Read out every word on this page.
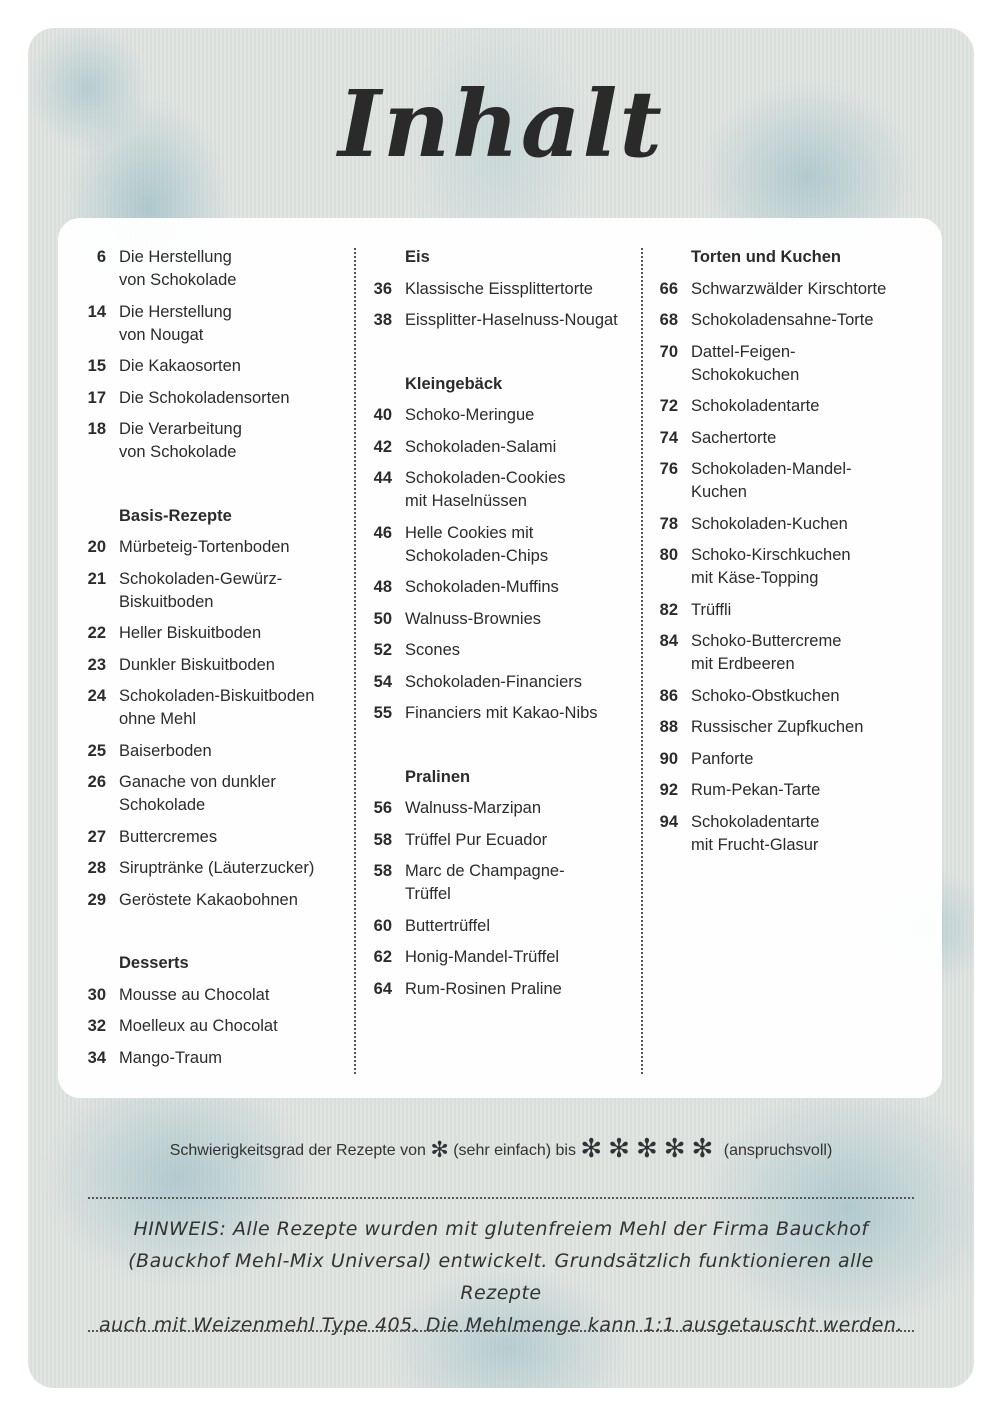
Inhalt
6 Die Herstellung
von Schokolade
14 Die Herstellung
von Nougat
15 Die Kakaosorten
17 Die Schokoladensorten
18 Die Verarbeitung
von Schokolade
Basis-Rezepte
20 Mürbeteig-Tortenboden
21 Schokoladen-Gewürz-
Biskuitboden
22 Heller Biskuitboden
23 Dunkler Biskuitboden
24 Schokoladen-Biskuitboden
ohne Mehl
25 Baiserboden
26 Ganache von dunkler
Schokolade
27 Buttercremes
28 Siruptränke (Läuterzucker)
29 Geröstete Kakaobohnen
Desserts
30 Mousse au Chocolat
32 Moelleux au Chocolat
34 Mango-Traum
Eis
36 Klassische Eissplittertorte
38 Eissplitter-Haselnuss-Nougat
Kleingebäck
40 Schoko-Meringue
42 Schokoladen-Salami
44 Schokoladen-Cookies
mit Haselnüssen
46 Helle Cookies mit
Schokoladen-Chips
48 Schokoladen-Muffins
50 Walnuss-Brownies
52 Scones
54 Schokoladen-Financiers
55 Financiers mit Kakao-Nibs
Pralinen
56 Walnuss-Marzipan
58 Trüffel Pur Ecuador
58 Marc de Champagne-
Trüffel
60 Buttertrüffel
62 Honig-Mandel-Trüffel
64 Rum-Rosinen Praline
Torten und Kuchen
66 Schwarzwälder Kirschtorte
68 Schokoladensahne-Torte
70 Dattel-Feigen-
Schokokuchen
72 Schokoladentarte
74 Sachertorte
76 Schokoladen-Mandel-
Kuchen
78 Schokoladen-Kuchen
80 Schoko-Kirschkuchen
mit Käse-Topping
82 Trüffli
84 Schoko-Buttercreme
mit Erdbeeren
86 Schoko-Obstkuchen
88 Russischer Zupfkuchen
90 Panforte
92 Rum-Pekan-Tarte
94 Schokoladentarte
mit Frucht-Glasur
Schwierigkeitsgrad der Rezepte von ✻ (sehr einfach) bis ✻✻✻✻✻ (anspruchsvoll)
HINWEIS: Alle Rezepte wurden mit glutenfreiem Mehl der Firma Bauckhof
(Bauckhof Mehl-Mix Universal) entwickelt. Grundsätzlich funktionieren alle Rezepte
auch mit Weizenmehl Type 405. Die Mehlmenge kann 1:1 ausgetauscht werden.
